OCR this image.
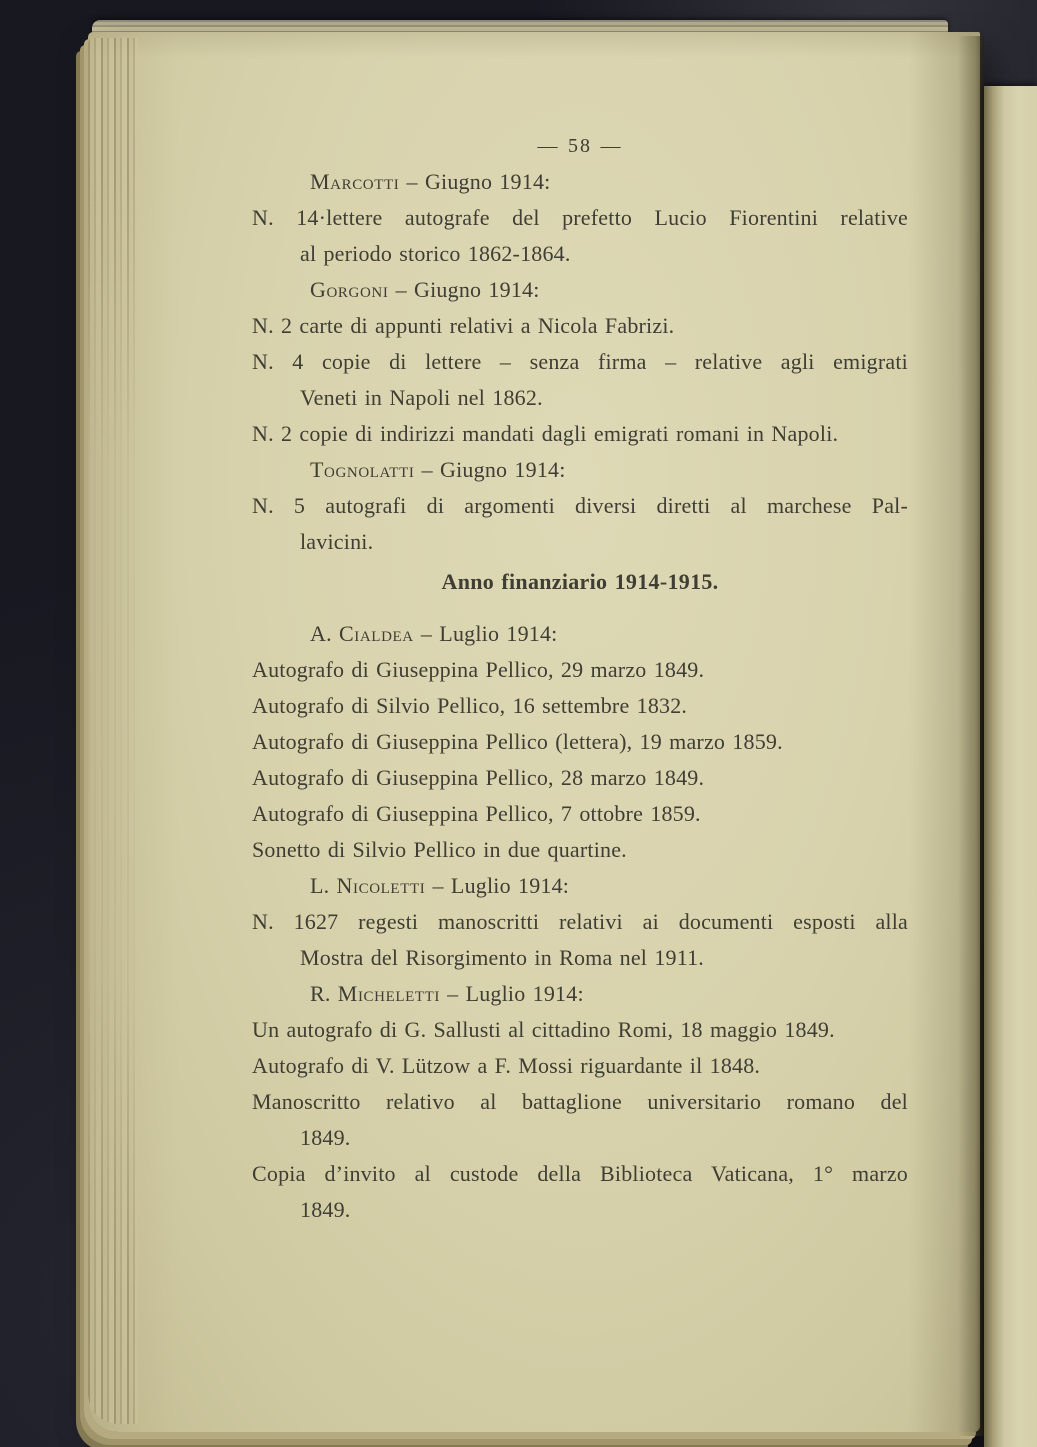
— 58 —

Marcotti – Giugno 1914:

N. 14·lettere autografe del prefetto Lucio Fiorentini relative
al periodo storico 1862-1864.

Gorgoni – Giugno 1914:

N. 2 carte di appunti relativi a Nicola Fabrizi.

N. 4 copie di lettere – senza firma – relative agli emigrati
Veneti in Napoli nel 1862.

N. 2 copie di indirizzi mandati dagli emigrati romani in Napoli.

Tognolatti – Giugno 1914:

N. 5 autografi di argomenti diversi diretti al marchese Pal-
lavicini.

Anno finanziario 1914-1915.

A. Cialdea – Luglio 1914:

Autografo di Giuseppina Pellico, 29 marzo 1849.

Autografo di Silvio Pellico, 16 settembre 1832.

Autografo di Giuseppina Pellico (lettera), 19 marzo 1859.

Autografo di Giuseppina Pellico, 28 marzo 1849.

Autografo di Giuseppina Pellico, 7 ottobre 1859.

Sonetto di Silvio Pellico in due quartine.

L. Nicoletti – Luglio 1914:

N. 1627 regesti manoscritti relativi ai documenti esposti alla
Mostra del Risorgimento in Roma nel 1911.

R. Micheletti – Luglio 1914:

Un autografo di G. Sallusti al cittadino Romi, 18 maggio 1849.

Autografo di V. Lützow a F. Mossi riguardante il 1848.

Manoscritto relativo al battaglione universitario romano del
1849.

Copia d’invito al custode della Biblioteca Vaticana, 1° marzo
1849.
